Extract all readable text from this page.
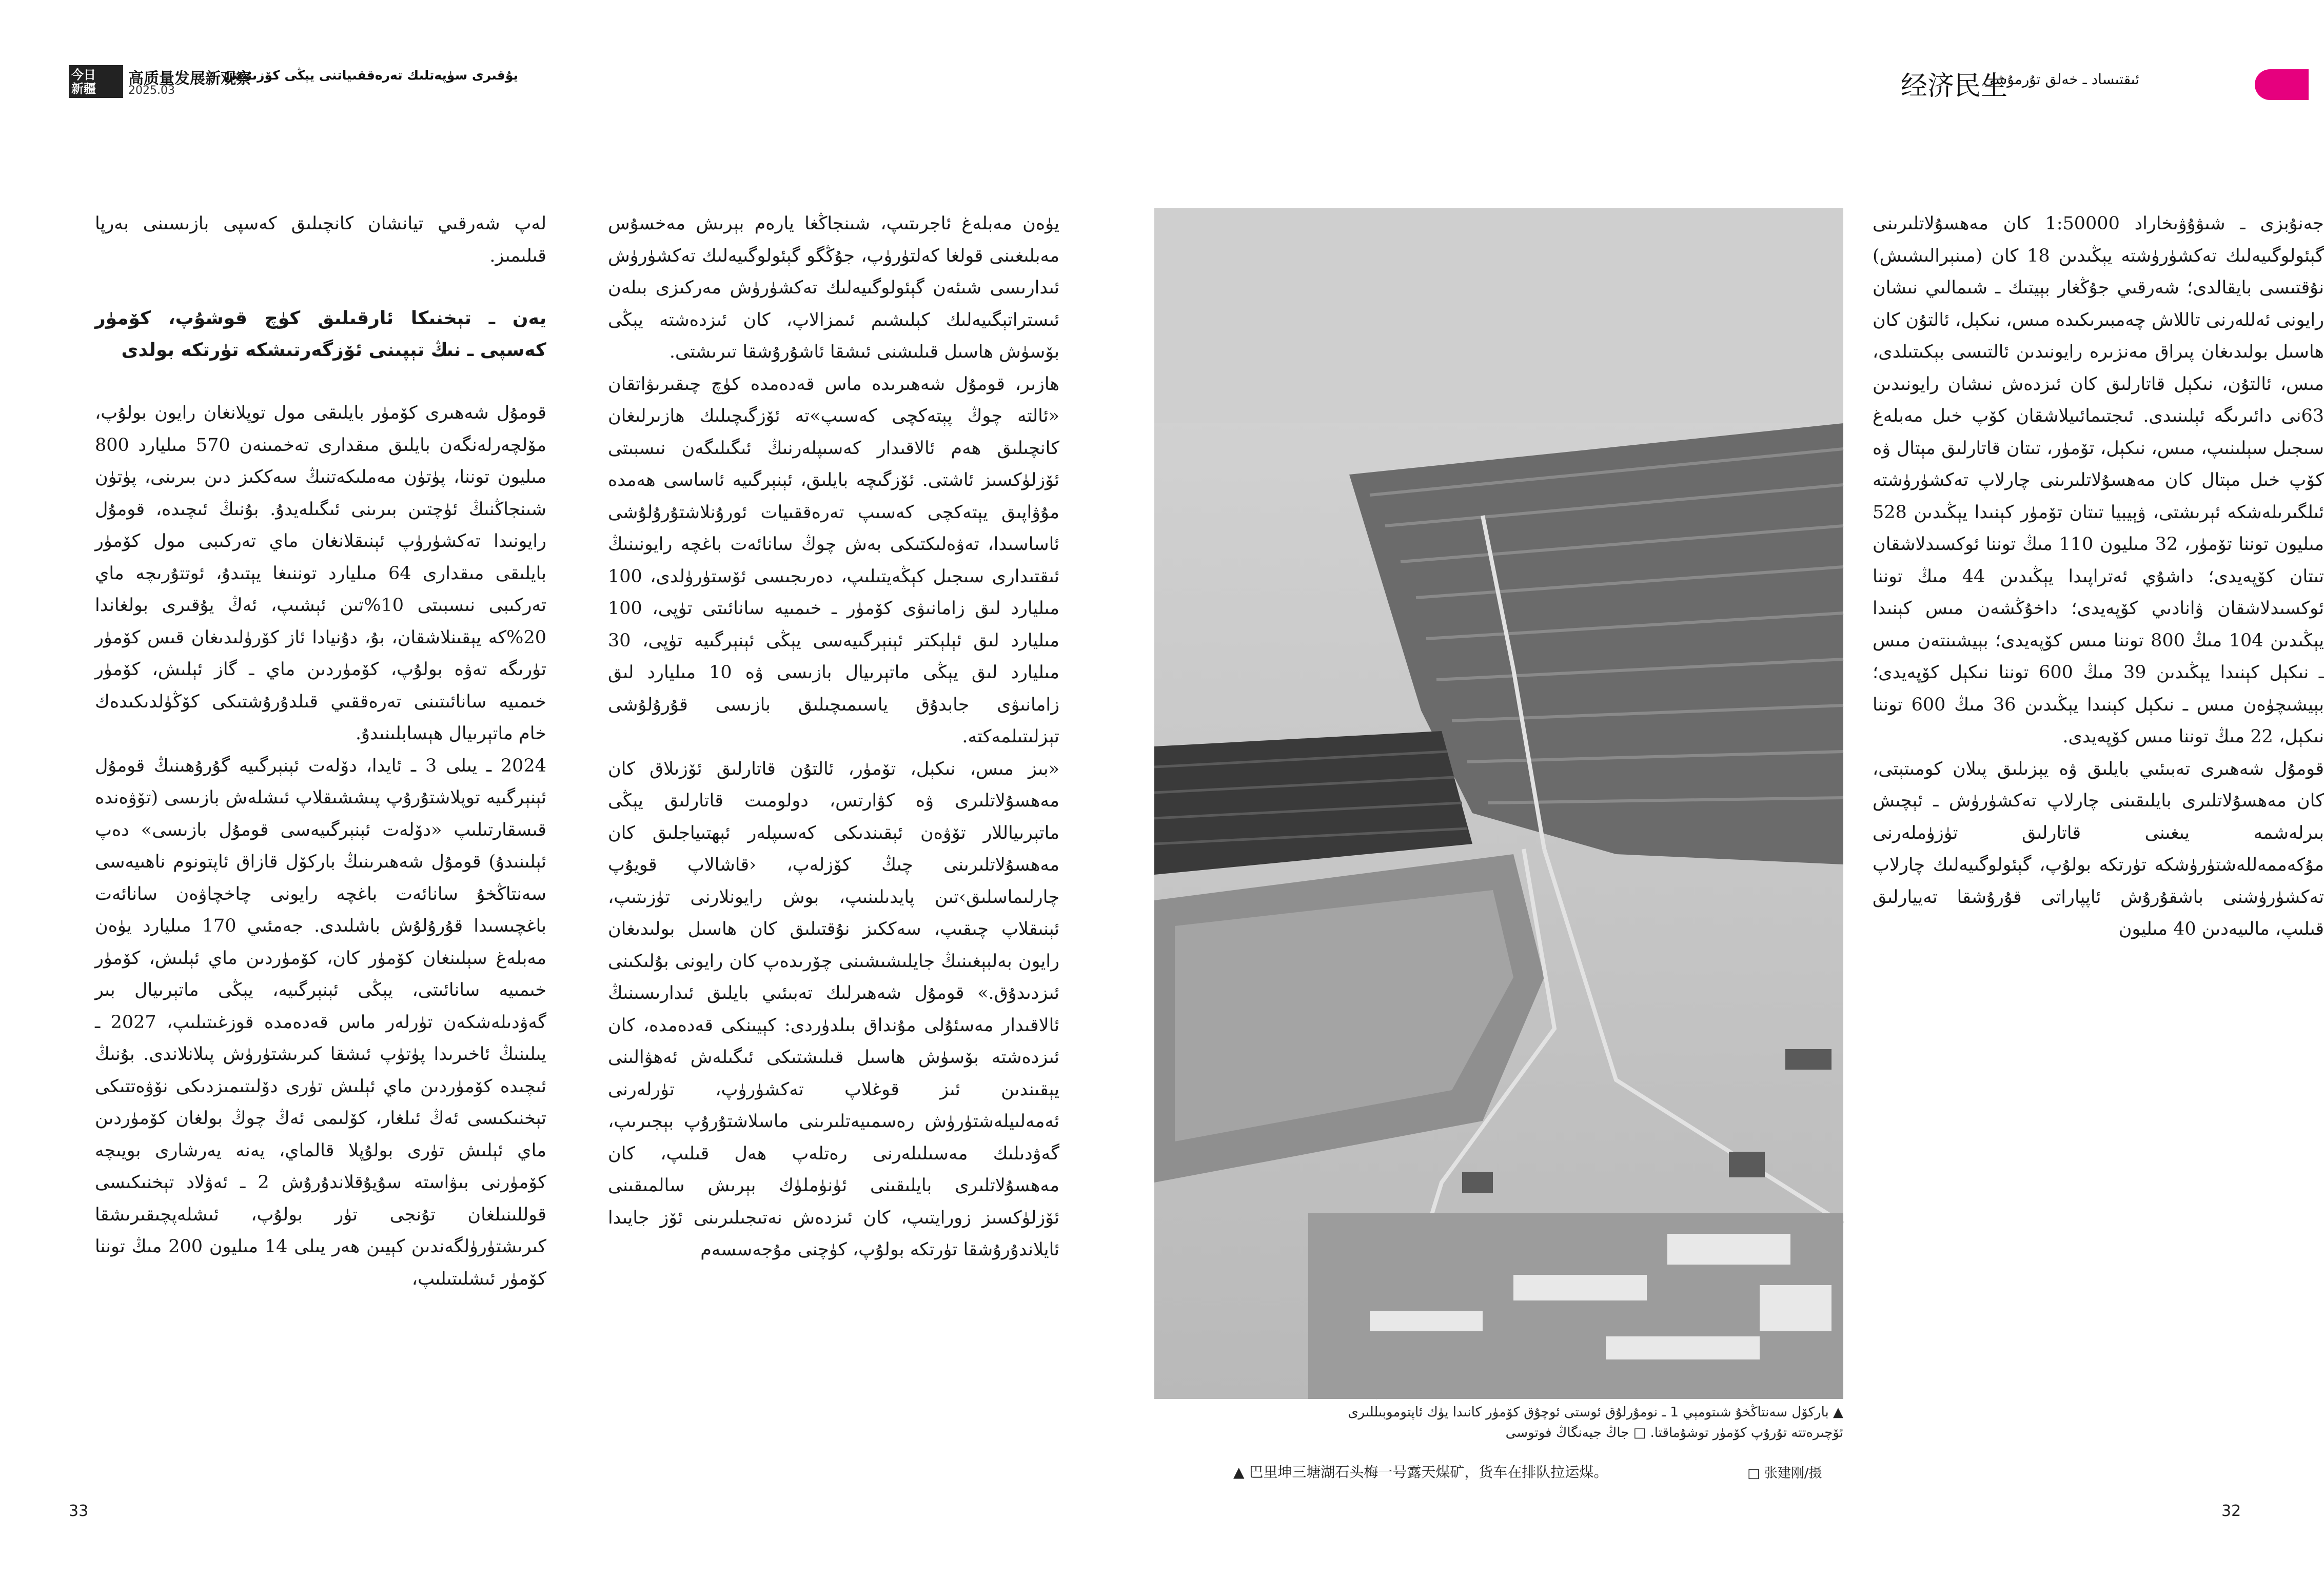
今日
新疆
高质量发展新观察
2025.03
يۇقىرى سۈپەتلىك تەرەققىياتنى يېڭى كۆزىتىش	ئىقتىساد ـ خەلق تۇرمۇشى
经济民生

لەپ شەرقىي تيانشان كانچىلىق كەسپى بازىسىنى بەرپا قىلىمىز.

يەن ـ تېخنىكا ئارقىلىق كۈچ قوشۇپ، كۆمۈر كەسپى ـ نىڭ تېپىنى ئۆزگەرتىشكە تۈرتكە بولدى

قومۇل شەھىرى كۆمۈر بايلىقى مول توپلانغان رايون بولۇپ، مۆلچەرلەنگەن بايلىق مىقدارى تەخمىنەن 570 مىليارد 800 مىليون توننا، پۈتۈن مەملىكەتنىڭ سەككىز دىن بىرىنى، پۈتۈن شىنجاڭنىڭ ئۈچتىن بىرىنى ئىگىلەيدۇ. بۇنىڭ ئىچىدە، قومۇل رايونىدا تەكشۈرۈپ ئېنىقلانغان ماي تەركىبى مول كۆمۈر بايلىقى مىقدارى 64 مىليارد توننىغا يېتىدۇ، ئوتتۇرىچە ماي تەركىبى نىسبىتى 10%تىن ئېشىپ، ئەڭ يۇقىرى بولغاندا 20%كە يېقىنلاشقان، بۇ، دۇنيادا ئاز كۆرۈلىدىغان قىس كۆمۈر تۈرىگە تەۋە بولۇپ، كۆمۈردىن ماي ـ گاز ئېلىش، كۆمۈر خىمىيە سانائىتىنى تەرەققىي قىلدۇرۇشتىكى كۆڭۈلدىكىدەك خام ماتېرىيال ھېسابلىنىدۇ.

2024 ـ يىلى 3 ـ ئايدا، دۆلەت ئېنېرگىيە گۇرۇھىنىڭ قومۇل ئېنېرگىيە توپلاشتۇرۇپ پىششىقلاپ ئىشلەش بازىسى (تۆۋەندە قىسقارتىلىپ «دۆلەت ئېنېرگىيەسى قومۇل بازىسى» دەپ ئېلىنىدۇ) قومۇل شەھىرىنىڭ باركۆل قازاق ئاپتونوم ناھىيەسى سەنتاڭخۇ سانائەت باغچە رايونى چاخچاۋەن سانائەت باغچىسىدا قۇرۇلۇش باشلىدى. جەمئىي 170 مىليارد يۈەن مەبلەغ سېلىنغان كۆمۈر كان، كۆمۈردىن ماي ئېلىش، كۆمۈر خىمىيە سانائىتى، يېڭى ئېنېرگىيە، يېڭى ماتېرىيال بىر گەۋدىلەشكەن تۈرلەر ماس قەدەمدە قوزغىتىلىپ، 2027 ـ يىلىنىڭ ئاخىرىدا پۈتۈپ ئىشقا كىرىشتۈرۈش پىلانلاندى. بۇنىڭ ئىچىدە كۆمۈردىن ماي ئېلىش تۈرى دۆلىتىمىزدىكى نۆۋەتتىكى تېخنىكىسى ئەڭ ئىلغار، كۆلىمى ئەڭ چوڭ بولغان كۆمۈردىن ماي ئېلىش تۈرى بولۇپلا قالماي، يەنە يەرشارى بويىچە كۆمۈرنى بىۋاستە سۇيۇقلاندۇرۇش 2 ـ ئەۋلاد تېخنىكىسى قوللىنىلغان تۇنجى تۈر بولۇپ، ئىشلەپچىقىرىشقا كىرىشتۈرۈلگەندىن كېيىن ھەر يىلى 14 مىليون 200 مىڭ توننا كۆمۈر ئىشلىتىلىپ،

يۈەن مەبلەغ ئاجرىتىپ، شىنجاڭغا يارەم بېرىش مەخسۇس مەبلىغىنى قولغا كەلتۈرۈپ، جۇڭگو گېئولوگىيەلىك تەكشۈرۈش ئىدارىسى شىئەن گېئولوگىيەلىك تەكشۈرۈش مەركىزى بىلەن ئىستراتېگىيەلىك كېلىشىم ئىمزالاپ، كان ئىزدەشتە يېڭى بۆسۈش ھاسىل قىلىشنى ئىشقا ئاشۇرۇشقا تىرىشتى.

ھازىر، قومۇل شەھىرىدە ماس قەدەمدە كۈچ چىقىرىۋاتقان «ئالتە چوڭ پېتەكچى كەسىپ»تە ئۆزگىچىلىك ھازىرلىغان كانچىلىق ھەم ئالاقىدار كەسىپلەرنىڭ ئىگىلىگەن نىسبىتى ئۆزلۈكسىز ئاشتى. ئۆزگىچە بايلىق، ئېنېرگىيە ئاساسى ھەمدە مۇۋاپىق يېتەكچى كەسىپ تەرەققىيات ئورۇنلاشتۇرۇلۇشى ئاساسىدا، تەۋەلىكتىكى بەش چوڭ سانائەت باغچە رايونىنىڭ ئىقتىدارى سىجىل كېڭەيتىلىپ، دەرىجىسى ئۆستۈرۈلدى، 100 مىليارد لىق زامانىۋى كۆمۈر ـ خىمىيە سانائىتى تۈپى، 100 مىليارد لىق ئېلېكتر ئېنېرگىيەسى يېڭى ئېنېرگىيە تۈپى، 30 مىليارد لىق يېڭى ماتېرىيال بازىسى ۋە 10 مىليارد لىق زامانىۋى جابدۇق ياسىمىچىلىق بازىسى قۇرۇلۇشى تېزلىتىلمەكتە.

«بىز مىس، نىكېل، تۆمۈر، ئالتۇن قاتارلىق ئۆزىلاق كان مەھسۇلاتلىرى ۋە كۋارتس، دولومىت قاتارلىق يېڭى ماتېرىياللار تۆۋەن ئېقىندىكى كەسىپلەر ئېھتىياجلىق كان مەھسۇلاتلىرىنى چىڭ كۆزلەپ، ‹قاشالاپ قويۇپ چارلىماسلىق›تىن پايدىلىنىپ، بوش رايونلارنى تۈزىتىپ، ئېنىقلاپ چىقىپ، سەككىز نۇقتىلىق كان ھاسىل بولىدىغان رايون بەلبېغىنىڭ جايلىشىشىنى چۆرىدەپ كان رايونى بۇلىكىنى ئىزدىدۇق.» قومۇل شەھىرلىك تەبىئىي بايلىق ئىدارىسىنىڭ ئالاقىدار مەسئۇلى مۇنداق بىلدۈردى: كېيىنكى قەدەمدە، كان ئىزدەشتە بۆسۈش ھاسىل قىلىشتىكى ئىگىلەش ئەھۋالىنى يېقىندىن ئىز قوغلاپ تەكشۈرۈپ، تۈرلەرنى ئەمەلىيلەشتۈرۈش رەسمىيەتلىرىنى ماسلاشتۇرۇپ بېجىرىپ، گەۋدىلىك مەسىلىلەرنى رەتلەپ ھەل قىلىپ، كان مەھسۇلاتلىرى بايلىقىنى ئۈنۈملۈك بېرىش سالمىقىنى ئۆزلۈكسىز زورايتىپ، كان ئىزدەش نەتىجىلىرىنى ئۆز جايىدا ئايلاندۇرۇشقا تۈرتكە بولۇپ، كۈچنى مۇجەسسەم

▲ باركۆل سەنتاڭخۇ شىتومېي 1 ـ نومۇرلۇق ئوستى ئوچۇق كۆمۈر كانىدا يۈك ئاپتوموبىللىرى
ئۆچىرەتتە تۇرۇپ كۆمۈر توشۇماقتا. □ جاڭ جيەنگاڭ فوتوسى
▲ 巴里坤三塘湖石头梅一号露天煤矿，货车在排队拉运煤。	□ 张建刚/摄

جەنۇبزى ـ شىۋۇۋىخاراد 1:50000 كان مەھسۇلاتلىرىنى گېئولوگىيەلىك تەكشۈرۈشتە يېڭىدىن 18 كان (مىنېرالىشىش) نۇقتىسى بايقالدى؛ شەرقىي جۇڭغار بېيتىك ـ شىمالىي نىشان رايونى ئەللەرنى تاللاش چەمبىرىكىدە مىس، نىكېل، ئالتۇن كان ھاسىل بولىدىغان پىراق مەنزىرە رايونىدىن ئالتىسى بېكىتىلدى، مىس، ئالتۇن، نىكېل قاتارلىق كان ئىزدەش نىشان رايونىدىن 63نى دائىرىگە ئېلىنىدى. ئىجتىمائىيلاشقان كۆپ خىل مەبلەغ سىجىل سېلىنىپ، مىس، نىكېل، تۆمۈر، تىتان قاتارلىق مېتال ۋە كۆپ خىل مېتال كان مەھسۇلاتلىرىنى چارلاپ تەكشۈرۈشتە ئىلگىرىلەشكە ئېرىشتى، ۋېيبيا تىتان تۆمۈر كېنىدا يېڭىدىن 528 مىليون توننا تۆمۈر، 32 مىليون 110 مىڭ توننا ئوكسىدلاشقان تىتان كۆپەيدى؛ داشۇي ئەتراپىدا يېڭىدىن 44 مىڭ توننا ئوكسىدلاشقان ۋانادىي كۆپەيدى؛ داخۇڭشەن مىس كېنىدا يېڭىدىن 104 مىڭ 800 توننا مىس كۆپەيدى؛ بېيشىنتەن مىس ـ نىكېل كېنىدا يېڭىدىن 39 مىڭ 600 توننا نىكېل كۆپەيدى؛ بېيشىچۈەن مىس ـ نىكېل كېنىدا يېڭىدىن 36 مىڭ 600 توننا نىكېل، 22 مىڭ توننا مىس كۆپەيدى.

قومۇل شەھىرى تەبىئىي بايلىق ۋە يېزىلىق پىلان كومىتېتى، كان مەھسۇلاتلىرى بايلىقىنى چارلاپ تەكشۈرۈش ـ ئېچىش بىرلەشمە يىغىنى قاتارلىق تۈزۈملەرنى مۇكەممەللەشتۈرۈشكە تۈرتكە بولۇپ، گېئولوگىيەلىك چارلاپ تەكشۈرۈشنى باشقۇرۇش ئاپپاراتى قۇرۇشقا تەييارلىق قىلىپ، مالىيەدىن 40 مىليون

33	32
